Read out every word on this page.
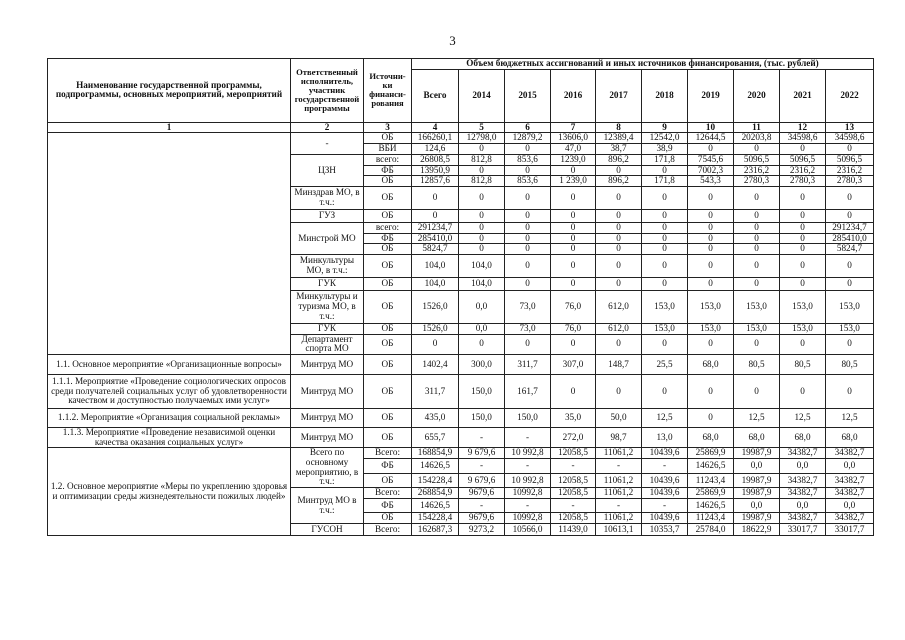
3
Наименование государственной программы, подпрограммы, основных мероприятий, мероприятий	Ответственный исполнитель, участник государственной программы	Источни-ки финанси-рования	Объем бюджетных ассигнований и иных источников финансирования, (тыс. рублей)									
			Всего	2014	2015	2016	2017	2018	2019	2020	2021	2022
1	2	3	4	5	6	7	8	9	10	11	12	13
	-	ОБ	166260,1	12798,0	12879,2	13606,0	12389,4	12542,0	12644,5	20203,8	34598,6	34598,6
		ВБИ	124,6	0	0	47,0	38,7	38,9	0	0	0	0
	ЦЗН	всего:	26808,5	812,8	853,6	1239,0	896,2	171,8	7545,6	5096,5	5096,5	5096,5
		ФБ	13950,9	0	0	0	0	0	7002,3	2316,2	2316,2	2316,2
		ОБ	12857,6	812,8	853,6	1 239,0	896,2	171,8	543,3	2780,3	2780,3	2780,3
	Минздрав МО, в т.ч.:	ОБ	0	0	0	0	0	0	0	0	0	0
	ГУЗ	ОБ	0	0	0	0	0	0	0	0	0	0
	Минстрой МО	всего:	291234,7	0	0	0	0	0	0	0	0	291234,7
		ФБ	285410,0	0	0	0	0	0	0	0	0	285410,0
		ОБ	5824,7	0	0	0	0	0	0	0	0	5824,7
	Минкультуры МО, в т.ч.:	ОБ	104,0	104,0	0	0	0	0	0	0	0	0
	ГУК	ОБ	104,0	104,0	0	0	0	0	0	0	0	0
	Минкультуры и туризма МО, в т.ч.:	ОБ	1526,0	0,0	73,0	76,0	612,0	153,0	153,0	153,0	153,0	153,0
	ГУК	ОБ	1526,0	0,0	73,0	76,0	612,0	153,0	153,0	153,0	153,0	153,0
	Департамент спорта МО	ОБ	0	0	0	0	0	0	0	0	0	0
1.1. Основное мероприятие «Организационные вопросы»	Минтруд МО	ОБ	1402,4	300,0	311,7	307,0	148,7	25,5	68,0	80,5	80,5	80,5
1.1.1. Мероприятие «Проведение социологических опросов среди получателей социальных услуг об удовлетворенности качеством и доступностью получаемых ими услуг»	Минтруд МО	ОБ	311,7	150,0	161,7	0	0	0	0	0	0	0
1.1.2. Мероприятие «Организация социальной рекламы»	Минтруд МО	ОБ	435,0	150,0	150,0	35,0	50,0	12,5	0	12,5	12,5	12,5
1.1.3. Мероприятие «Проведение независимой оценки качества оказания социальных услуг»	Минтруд МО	ОБ	655,7	-	-	272,0	98,7	13,0	68,0	68,0	68,0	68,0
1.2. Основное мероприятие «Меры по укреплению здоровья и оптимизации среды жизнедеятельности пожилых людей»	Всего по основному мероприятию, в т.ч.:	Всего:	168854,9	9 679,6	10 992,8	12058,5	11061,2	10439,6	25869,9	19987,9	34382,7	34382,7
		ФБ	14626,5	-	-	-	-	-	14626,5	0,0	0,0	0,0
		ОБ	154228,4	9 679,6	10 992,8	12058,5	11061,2	10439,6	11243,4	19987,9	34382,7	34382,7
	Минтруд МО в т.ч.:	Всего:	268854,9	9679,6	10992,8	12058,5	11061,2	10439,6	25869,9	19987,9	34382,7	34382,7
		ФБ	14626,5	-	-	-	-	-	14626,5	0,0	0,0	0,0
		ОБ	154228,4	9679,6	10992,8	12058,5	11061,2	10439,6	11243,4	19987,9	34382,7	34382,7
	ГУСОН	Всего:	162687,3	9273,2	10566,0	11439,0	10613,1	10353,7	25784,0	18622,9	33017,7	33017,7
